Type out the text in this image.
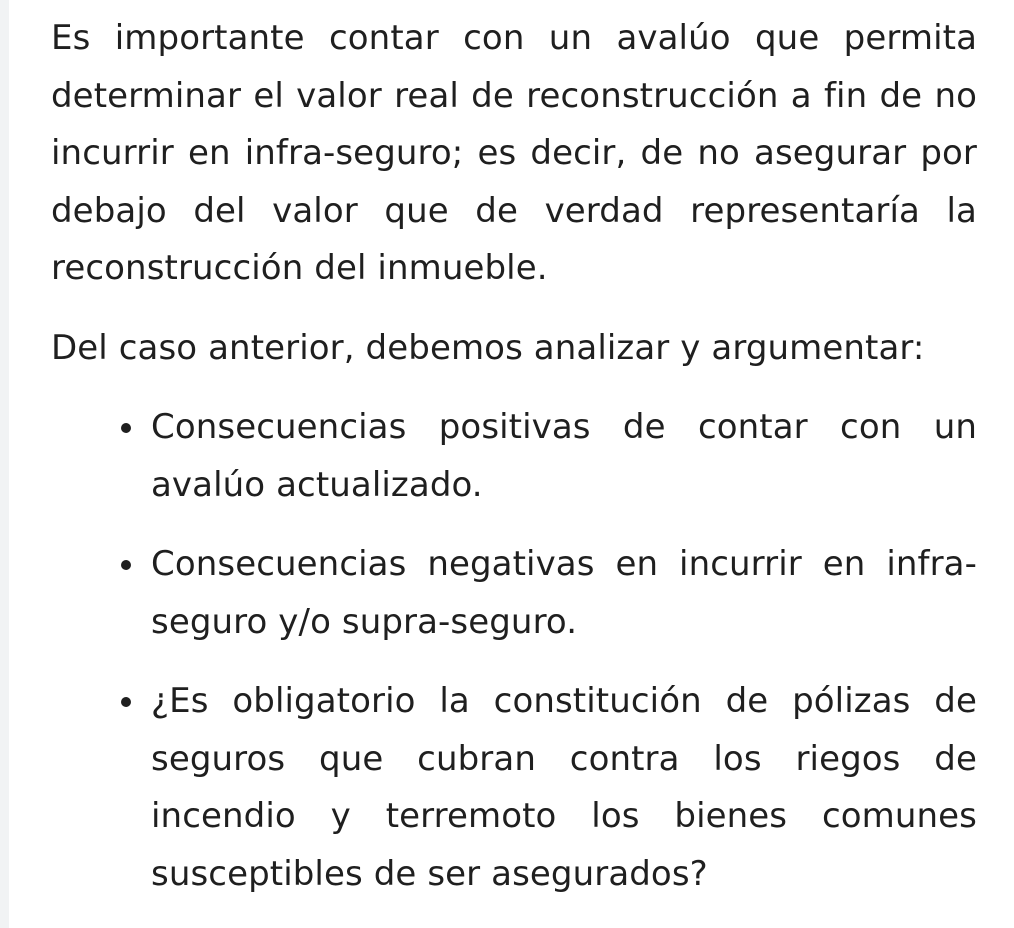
Es importante contar con un avalúo que permita determinar el valor real de reconstrucción a fin de no incurrir en infra-seguro; es decir, de no asegurar por debajo del valor que de verdad representaría la reconstrucción del inmueble.

Del caso anterior, debemos analizar y argumentar:

Consecuencias positivas de contar con un avalúo actualizado.

Consecuencias negativas en incurrir en infra-seguro y/o supra-seguro.

¿Es obligatorio la constitución de pólizas de seguros que cubran contra los riegos de incendio y terremoto los bienes comunes susceptibles de ser asegurados?
